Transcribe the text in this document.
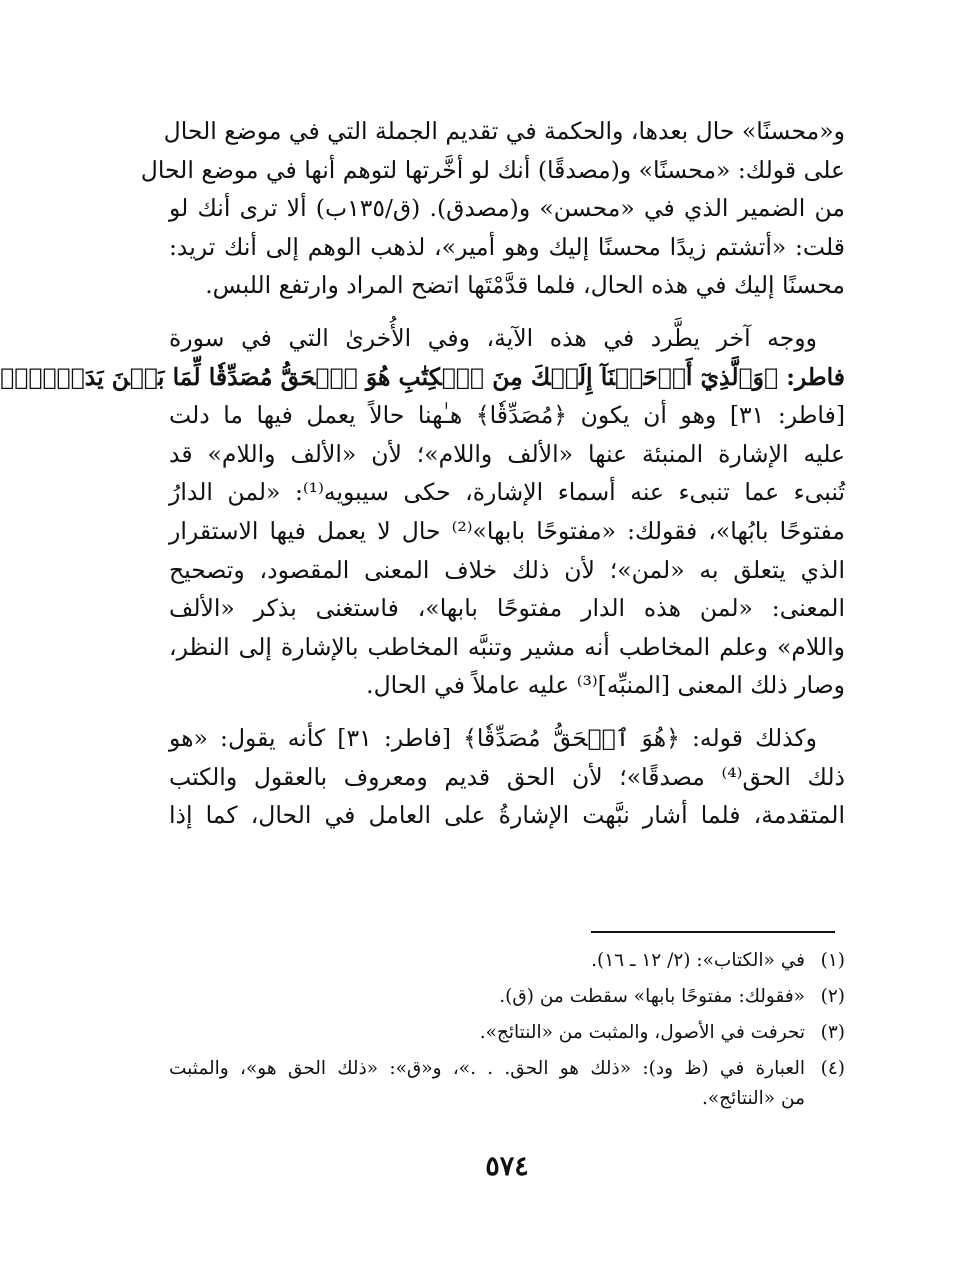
و«محسنًا» حال بعدها، والحكمة في تقديم الجملة التي في موضع الحال
على قولك: «محسنًا» و(مصدقًا) أنك لو أخَّرتها لتوهم أنها في موضع الحال
من الضمير الذي في «محسن» و(مصدق). (ق/١٣٥ب) ألا ترى أنك لو
قلت: «أتشتم زيدًا محسنًا إليك وهو أمير»، لذهب الوهم إلى أنك تريد:
محسنًا إليك في هذه الحال، فلما قدَّمْتَها اتضح المراد وارتفع اللبس.
ووجه آخر يطَّرد في هذه الآية، وفي الأُخرىٰ التي في سورة
فاطر: ﴿وَٱلَّذِيٓ أَوۡحَيۡنَآ إِلَيۡكَ مِنَ ٱلۡكِتَٰبِ هُوَ ٱلۡحَقُّ مُصَدِّقٗا لِّمَا بَيۡنَ يَدَيۡهِۗ﴾
[فاطر: ٣١] وهو أن يكون ﴿مُصَدِّقٗا﴾ هـٰهنا حالاً يعمل فيها ما دلت
عليه الإشارة المنبئة عنها «الألف واللام»؛ لأن «الألف واللام» قد
تُنبىء عما تنبىء عنه أسماء الإشارة، حكى سيبويه⁽¹⁾: «لمن الدارُ
مفتوحًا بابُها»، فقولك: «مفتوحًا بابها»⁽²⁾ حال لا يعمل فيها الاستقرار
الذي يتعلق به «لمن»؛ لأن ذلك خلاف المعنى المقصود، وتصحيح
المعنى: «لمن هذه الدار مفتوحًا بابها»، فاستغنى بذكر «الألف
واللام» وعلم المخاطب أنه مشير وتنبَّه المخاطب بالإشارة إلى النظر،
وصار ذلك المعنى [المنبِّه]⁽³⁾ عليه عاملاً في الحال.
وكذلك قوله: ﴿هُوَ ٱلۡحَقُّ مُصَدِّقٗا﴾ [فاطر: ٣١] كأنه يقول: «هو
ذلك الحق⁽⁴⁾ مصدقًا»؛ لأن الحق قديم ومعروف بالعقول والكتب
المتقدمة، فلما أشار نبَّهت الإشارةُ على العامل في الحال، كما إذا
(١)
في «الكتاب»: (٢/ ١٢ ـ ١٦).
(٢)
«فقولك: مفتوحًا بابها» سقطت من (ق).
(٣)
تحرفت في الأصول، والمثبت من «النتائج».
(٤)
العبارة في (ظ ود): «ذلك هو الحق. . .»، و«ق»: «ذلك الحق هو»، والمثبت
من «النتائج».
٥٧٤
